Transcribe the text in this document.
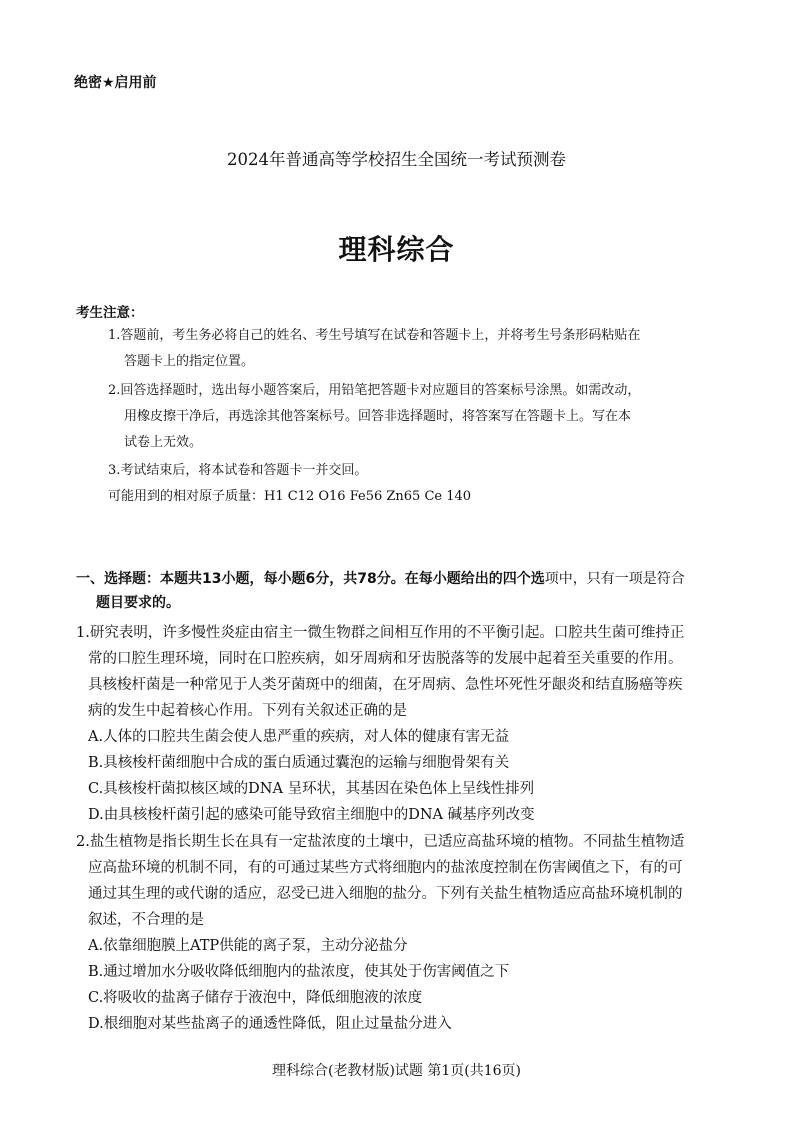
绝密★启用前
2024年普通高等学校招生全国统一考试预测卷
理科综合
考生注意：
1.答题前，考生务必将自己的姓名、考生号填写在试卷和答题卡上，并将考生号条形码粘贴在
答题卡上的指定位置。
2.回答选择题时，选出每小题答案后，用铅笔把答题卡对应题目的答案标号涂黑。如需改动，
用橡皮擦干净后，再选涂其他答案标号。回答非选择题时，将答案写在答题卡上。写在本
试卷上无效。
3.考试结束后，将本试卷和答题卡一并交回。
可能用到的相对原子质量：H1 C12 O16 Fe56 Zn65 Ce 140
一、选择题：本题共13小题，每小题6分，共78分。在每小题给出的四个选项中，只有一项是符合
题目要求的。
1.研究表明，许多慢性炎症由宿主一微生物群之间相互作用的不平衡引起。口腔共生菌可维持正
常的口腔生理环境，同时在口腔疾病，如牙周病和牙齿脱落等的发展中起着至关重要的作用。
具核梭杆菌是一种常见于人类牙菌斑中的细菌，在牙周病、急性坏死性牙龈炎和结直肠癌等疾
病的发生中起着核心作用。下列有关叙述正确的是
A.人体的口腔共生菌会使人患严重的疾病，对人体的健康有害无益
B.具核梭杆菌细胞中合成的蛋白质通过囊泡的运输与细胞骨架有关
C.具核梭杆菌拟核区域的DNA 呈环状，其基因在染色体上呈线性排列
D.由具核梭杆菌引起的感染可能导致宿主细胞中的DNA 碱基序列改变
2.盐生植物是指长期生长在具有一定盐浓度的土壤中，已适应高盐环境的植物。不同盐生植物适
应高盐环境的机制不同，有的可通过某些方式将细胞内的盐浓度控制在伤害阈值之下，有的可
通过其生理的或代谢的适应，忍受已进入细胞的盐分。下列有关盐生植物适应高盐环境机制的
叙述，不合理的是
A.依靠细胞膜上ATP供能的离子泵，主动分泌盐分
B.通过增加水分吸收降低细胞内的盐浓度，使其处于伤害阈值之下
C.将吸收的盐离子储存于液泡中，降低细胞液的浓度
D.根细胞对某些盐离子的通透性降低，阻止过量盐分进入
理科综合(老教材版)试题 第1页(共16页)
